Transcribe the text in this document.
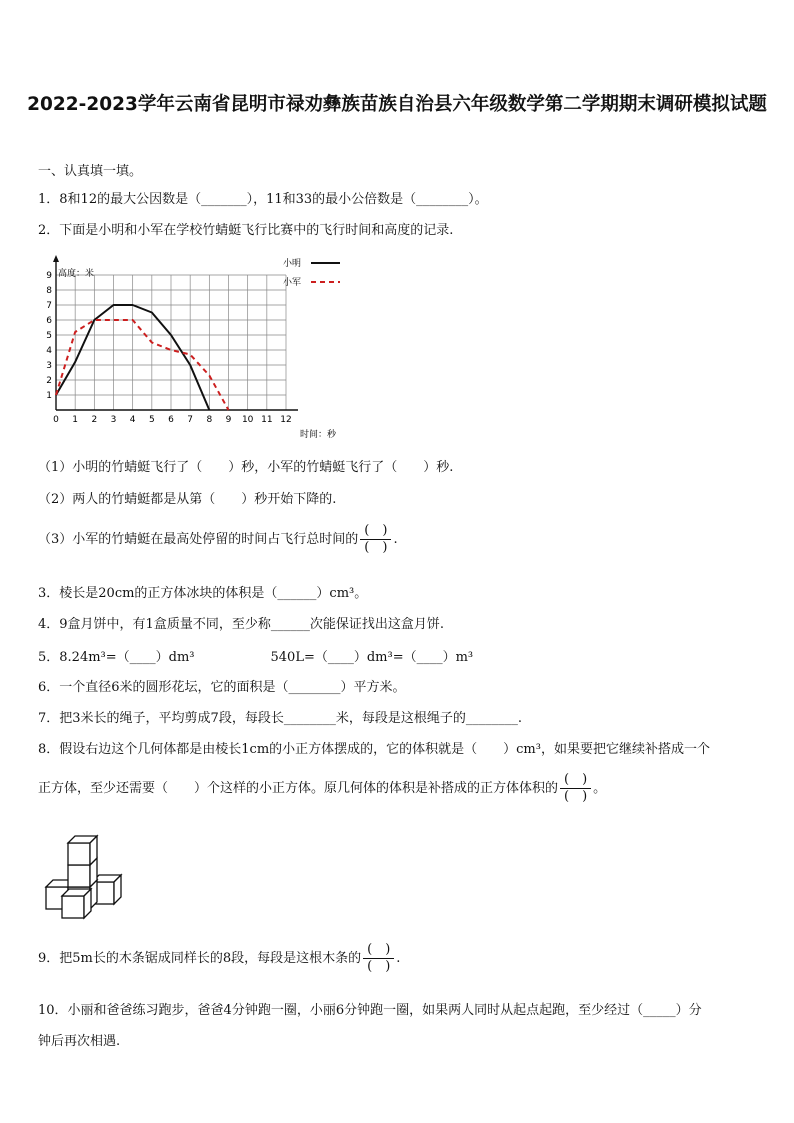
2022-2023学年云南省昆明市禄劝彝族苗族自治县六年级数学第二学期期末调研模拟试题
一、认真填一填。
1．8和12的最大公因数是（_______），11和33的最小公倍数是（________）。
2．下面是小明和小军在学校竹蜻蜓飞行比赛中的飞行时间和高度的记录.
0 1 2 3 4 5 6 7 8 9 10 11 12
1
2
3
4
5
6
7
8
9 高度：米
时间：秒
小明
小军
（1）小明的竹蜻蜓飞行了（　　）秒，小军的竹蜻蜓飞行了（　　）秒.
（2）两人的竹蜻蜓都是从第（　　）秒开始下降的.
（3）小军的竹蜻蜓在最高处停留的时间占飞行总时间的 $\frac{( )}{( )}$ .
3．棱长是20cm的正方体冰块的体积是（______）cm³。
4．9盒月饼中，有1盒质量不同，至少称______次能保证找出这盒月饼.
5．8.24m³=（____）dm³	540L=（____）dm³=（____）m³
6．一个直径6米的圆形花坛，它的面积是（________）平方米。
7．把3米长的绳子，平均剪成7段，每段长________米，每段是这根绳子的________.
8．假设右边这个几何体都是由棱长1cm的小正方体摆成的，它的体积就是（　　）cm³，如果要把它继续补搭成一个
正方体，至少还需要（　　）个这样的小正方体。原几何体的体积是补搭成的正方体体积的 $\frac{( )}{( )}$ 。
9．把5m长的木条锯成同样长的8段，每段是这根木条的 $\frac{( )}{( )}$ .
10．小丽和爸爸练习跑步，爸爸4分钟跑一圈，小丽6分钟跑一圈，如果两人同时从起点起跑，至少经过（_____）分
钟后再次相遇.
